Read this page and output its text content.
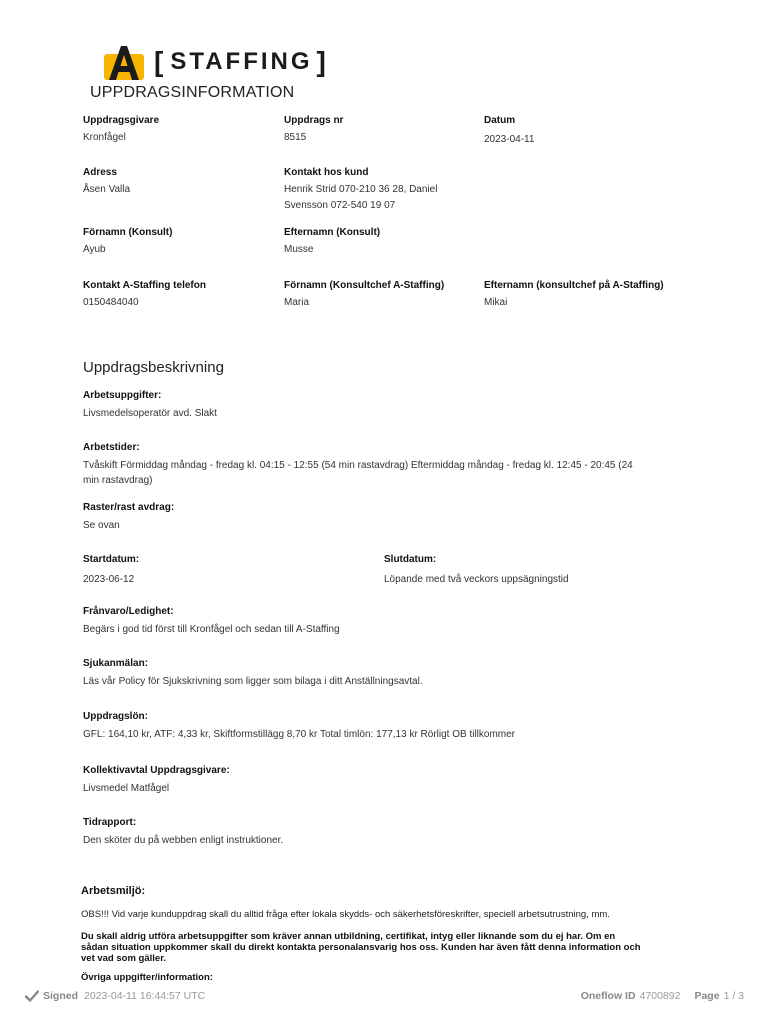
[ STAFFING ]
UPPDRAGSINFORMATION
Uppdragsgivare
Kronfågel
Uppdrags nr
8515
Datum
2023-04-11
Adress
Åsen Valla
Kontakt hos kund
Henrik Strid 070-210 36 28, Daniel
Svensson 072-540 19 07
Förnamn (Konsult)
Ayub
Efternamn (Konsult)
Musse
Kontakt A-Staffing telefon
0150484040
Förnamn (Konsultchef A-Staffing)
Maria
Efternamn (konsultchef på A-Staffing)
Mikai
Uppdragsbeskrivning
Arbetsuppgifter:
Livsmedelsoperatör avd. Slakt
Arbetstider:
Tvåskift Förmiddag måndag - fredag kl. 04:15 - 12:55 (54 min rastavdrag) Eftermiddag måndag - fredag kl. 12:45 - 20:45 (24
min rastavdrag)
Raster/rast avdrag:
Se ovan
Startdatum:
2023-06-12
Slutdatum:
Löpande med två veckors uppsägningstid
Frånvaro/Ledighet:
Begärs i god tid först till Kronfågel och sedan till A-Staffing
Sjukanmälan:
Läs vår Policy för Sjukskrivning som ligger som bilaga i ditt Anställningsavtal.
Uppdragslön:
GFL: 164,10 kr, ATF: 4,33 kr, Skiftformstillägg 8,70 kr Total timlön: 177,13 kr Rörligt OB tillkommer
Kollektivavtal Uppdragsgivare:
Livsmedel Matfågel
Tidrapport:
Den sköter du på webben enligt instruktioner.
Arbetsmiljö:
OBS!!! Vid varje kunduppdrag skall du alltid fråga efter lokala skydds- och säkerhetsföreskrifter, speciell arbetsutrustning, mm.
Du skall aldrig utföra arbetsuppgifter som kräver annan utbildning, certifikat, intyg eller liknande som du ej har. Om en
sådan situation uppkommer skall du direkt kontakta personalansvarig hos oss. Kunden har även fått denna information och
vet vad som gäller.
Övriga uppgifter/information:
Signed 2023-04-11 16:44:57 UTC	Oneflow ID 4700892 Page 1 / 3
